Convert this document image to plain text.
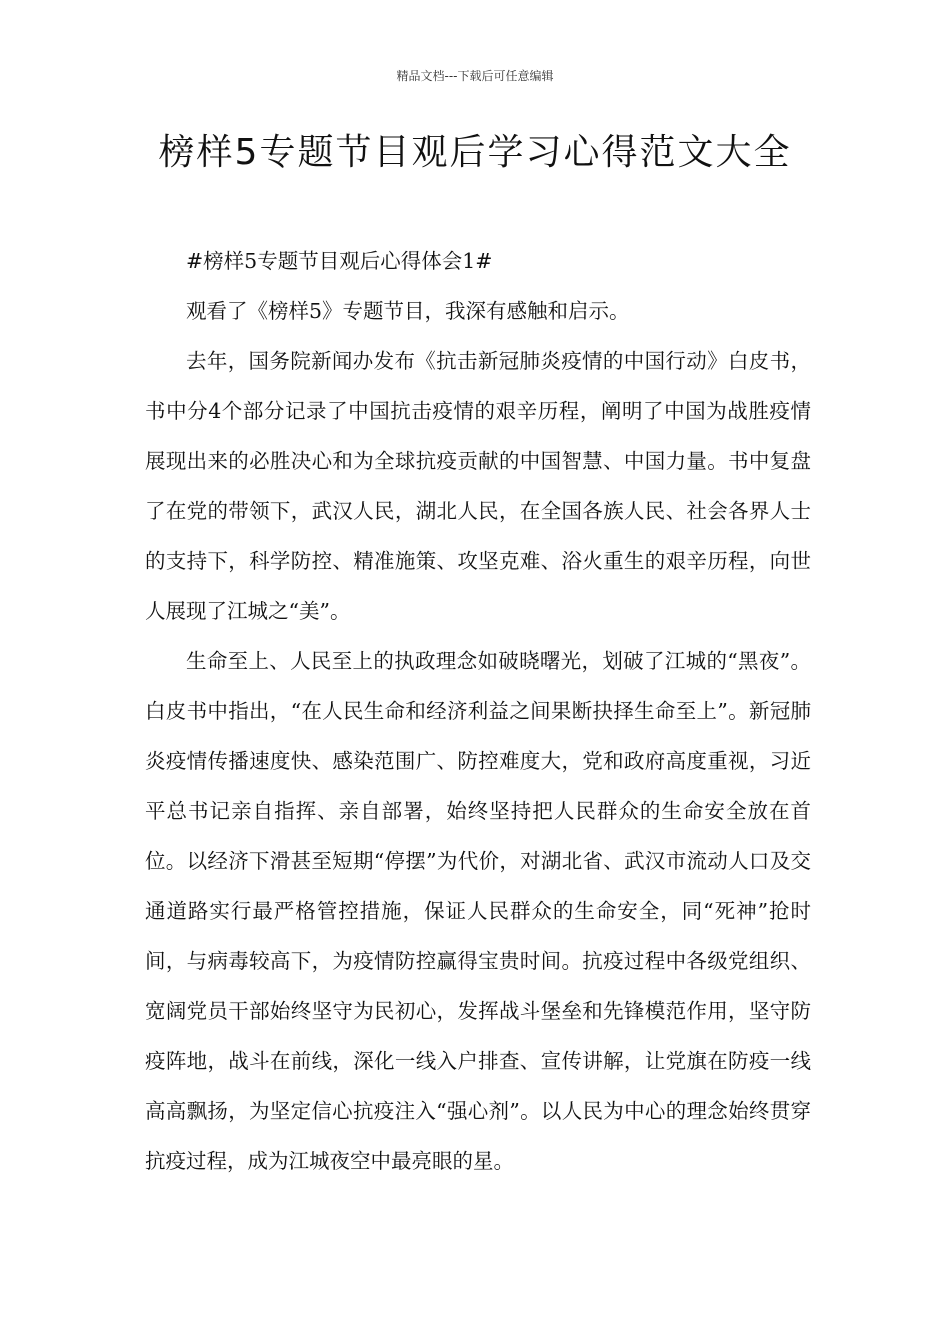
精品文档---下载后可任意编辑
榜样5专题节目观后学习心得范文大全

#榜样5专题节目观后心得体会1#

观看了《榜样5》专题节目，我深有感触和启示。

去年，国务院新闻办发布《抗击新冠肺炎疫情的中国行动》白皮书，书中分4个部分记录了中国抗击疫情的艰辛历程，阐明了中国为战胜疫情展现出来的必胜决心和为全球抗疫贡献的中国智慧、中国力量。书中复盘了在党的带领下，武汉人民，湖北人民，在全国各族人民、社会各界人士的支持下，科学防控、精准施策、攻坚克难、浴火重生的艰辛历程，向世人展现了江城之“美”。

生命至上、人民至上的执政理念如破晓曙光，划破了江城的“黑夜”。白皮书中指出，“在人民生命和经济利益之间果断抉择生命至上”。新冠肺炎疫情传播速度快、感染范围广、防控难度大，党和政府高度重视，习近平总书记亲自指挥、亲自部署，始终坚持把人民群众的生命安全放在首位。以经济下滑甚至短期“停摆”为代价，对湖北省、武汉市流动人口及交通道路实行最严格管控措施，保证人民群众的生命安全，同“死神”抢时间，与病毒较高下，为疫情防控赢得宝贵时间。抗疫过程中各级党组织、宽阔党员干部始终坚守为民初心，发挥战斗堡垒和先锋模范作用，坚守防疫阵地，战斗在前线，深化一线入户排查、宣传讲解，让党旗在防疫一线高高飘扬，为坚定信心抗疫注入“强心剂”。以人民为中心的理念始终贯穿抗疫过程，成为江城夜空中最亮眼的星。
